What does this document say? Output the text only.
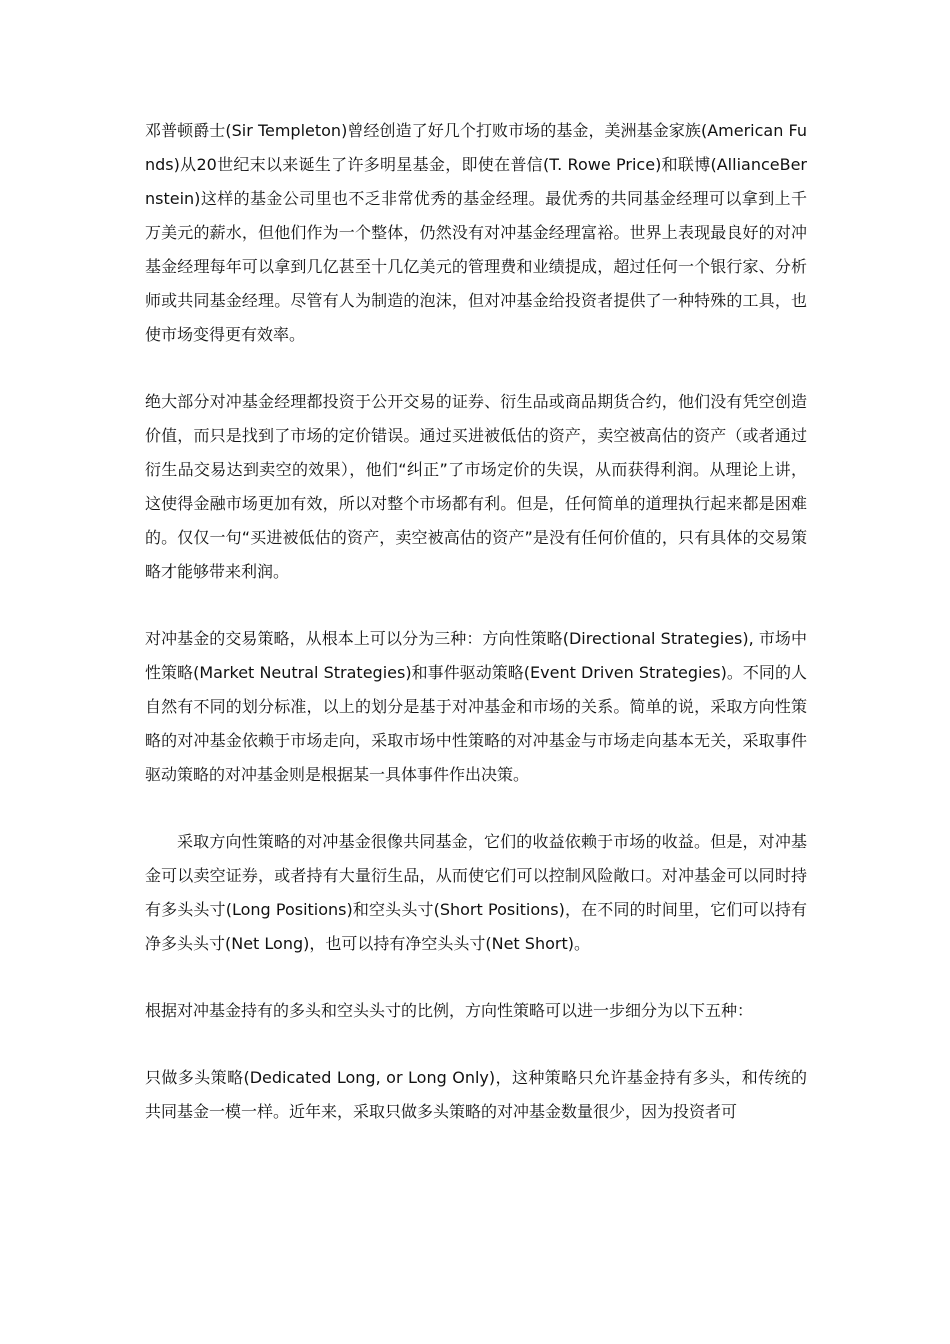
邓普顿爵士(Sir Templeton)曾经创造了好几个打败市场的基金，美洲基金家族(American Funds)从20世纪末以来诞生了许多明星基金，即使在普信(T. Rowe Price)和联博(AllianceBernstein)这样的基金公司里也不乏非常优秀的基金经理。最优秀的共同基金经理可以拿到上千万美元的薪水，但他们作为一个整体，仍然没有对冲基金经理富裕。世界上表现最良好的对冲基金经理每年可以拿到几亿甚至十几亿美元的管理费和业绩提成，超过任何一个银行家、分析师或共同基金经理。尽管有人为制造的泡沫，但对冲基金给投资者提供了一种特殊的工具，也使市场变得更有效率。

绝大部分对冲基金经理都投资于公开交易的证券、衍生品或商品期货合约，他们没有凭空创造价值，而只是找到了市场的定价错误。通过买进被低估的资产，卖空被高估的资产（或者通过衍生品交易达到卖空的效果），他们“纠正”了市场定价的失误，从而获得利润。从理论上讲，这使得金融市场更加有效，所以对整个市场都有利。但是，任何简单的道理执行起来都是困难的。仅仅一句“买进被低估的资产，卖空被高估的资产”是没有任何价值的，只有具体的交易策略才能够带来利润。

对冲基金的交易策略，从根本上可以分为三种：方向性策略(Directional Strategies), 市场中性策略(Market Neutral Strategies)和事件驱动策略(Event Driven Strategies)。不同的人自然有不同的划分标准，以上的划分是基于对冲基金和市场的关系。简单的说，采取方向性策略的对冲基金依赖于市场走向，采取市场中性策略的对冲基金与市场走向基本无关，采取事件驱动策略的对冲基金则是根据某一具体事件作出决策。

采取方向性策略的对冲基金很像共同基金，它们的收益依赖于市场的收益。但是，对冲基金可以卖空证券，或者持有大量衍生品，从而使它们可以控制风险敞口。对冲基金可以同时持有多头头寸(Long Positions)和空头头寸(Short Positions)，在不同的时间里，它们可以持有净多头头寸(Net Long)，也可以持有净空头头寸(Net Short)。

根据对冲基金持有的多头和空头头寸的比例，方向性策略可以进一步细分为以下五种：

只做多头策略(Dedicated Long, or Long Only)，这种策略只允许基金持有多头，和传统的共同基金一模一样。近年来，采取只做多头策略的对冲基金数量很少，因为投资者可
